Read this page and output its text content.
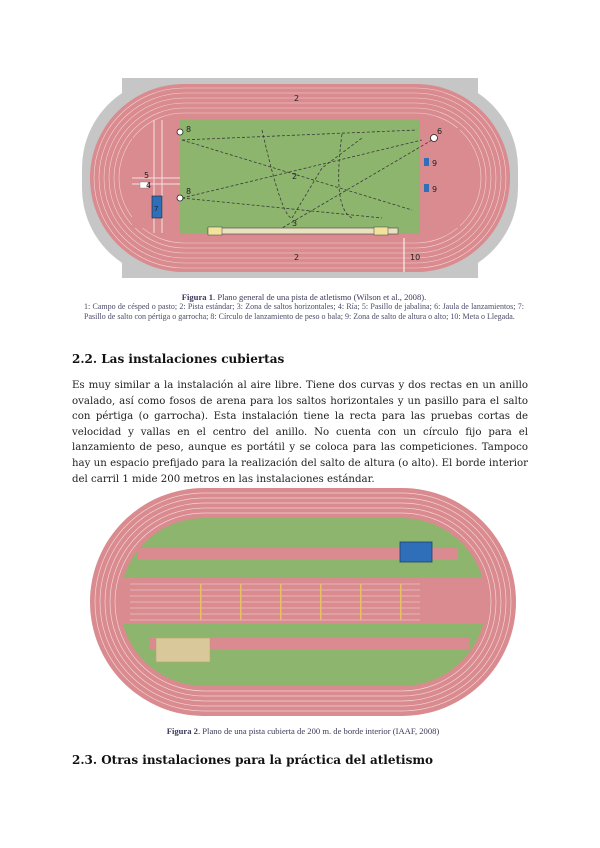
2
2
2
10
8
8
5
4
7
6
9
9
3
Figura 1. Plano general de una pista de atletismo (Wilson et al., 2008).
1: Campo de césped o pasto; 2: Pista estándar; 3: Zona de saltos horizontales; 4: Ría; 5: Pasillo de jabalina; 6: Jaula de lanzamientos; 7: Pasillo de salto con pértiga o garrocha; 8: Círculo de lanzamiento de peso o bala; 9: Zona de salto de altura o alto; 10: Meta o Llegada.
2.2. Las instalaciones cubiertas

Es muy similar a la instalación al aire libre. Tiene dos curvas y dos rectas en un anillo ovalado, así como fosos de arena para los saltos horizontales y un pasillo para el salto con pértiga (o garrocha). Esta instalación tiene la recta para las pruebas cortas de velocidad y vallas en el centro del anillo. No cuenta con un círculo fijo para el lanzamiento de peso, aunque es portátil y se coloca para las competiciones. Tampoco hay un espacio prefijado para la realización del salto de altura (o alto). El borde interior del carril 1 mide 200 metros en las instalaciones estándar.

Figura 2. Plano de una pista cubierta de 200 m. de borde interior (IAAF, 2008)
2.3. Otras instalaciones para la práctica del atletismo
